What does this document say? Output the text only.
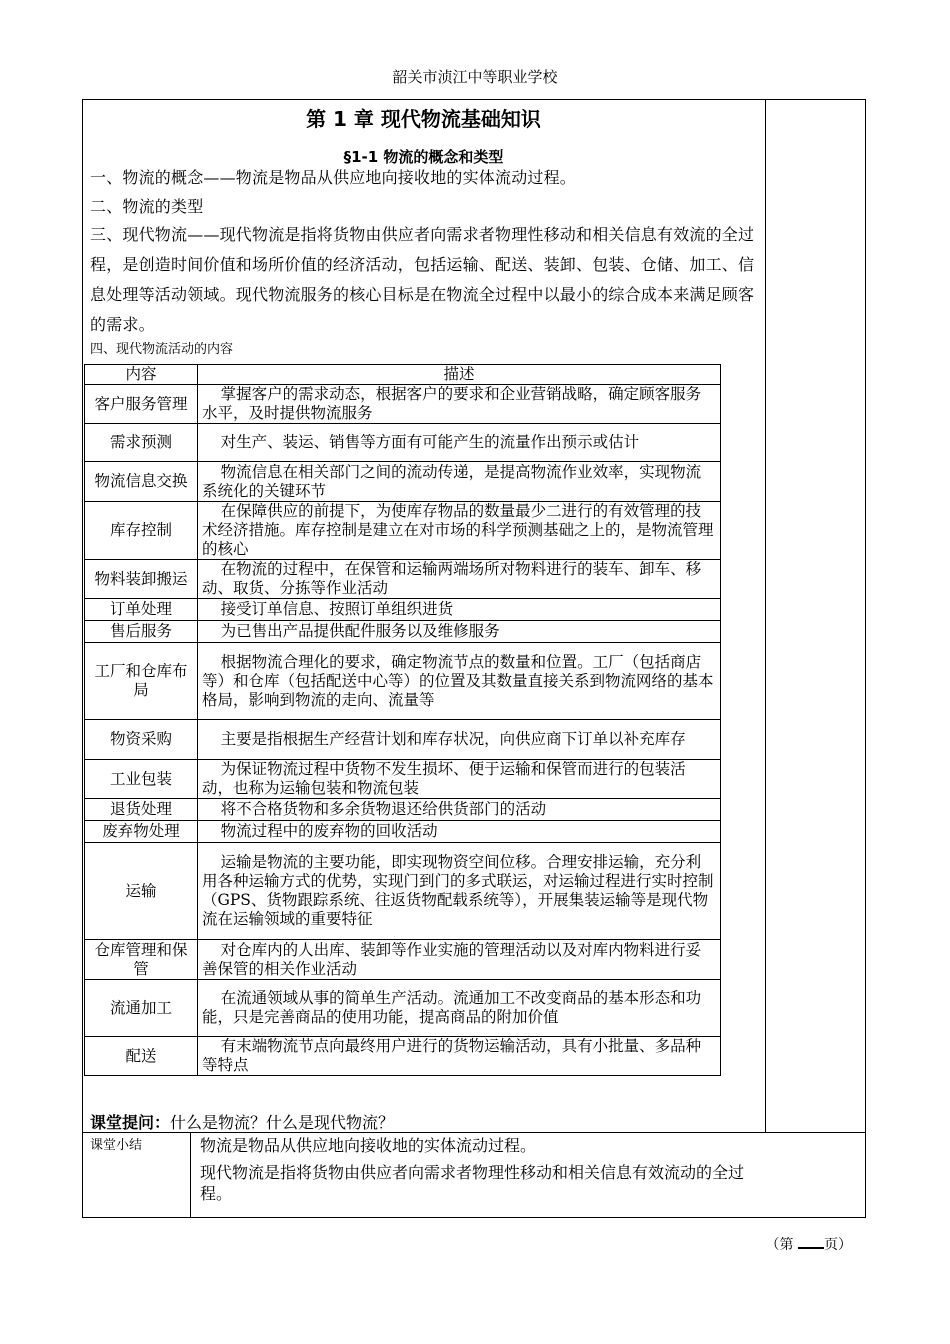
韶关市浈江中等职业学校
第 1 章 现代物流基础知识
§1-1 物流的概念和类型
一、物流的概念——物流是物品从供应地向接收地的实体流动过程。
二、物流的类型
三、现代物流——现代物流是指将货物由供应者向需求者物理性移动和相关信息有效流的全过程，是创造时间价值和场所价值的经济活动，包括运输、配送、装卸、包装、仓储、加工、信息处理等活动领域。现代物流服务的核心目标是在物流全过程中以最小的综合成本来满足顾客的需求。
四、现代物流活动的内容
内容	描述
客户服务管理	掌握客户的需求动态，根据客户的要求和企业营销战略，确定顾客服务水平，及时提供物流服务
需求预测	对生产、装运、销售等方面有可能产生的流量作出预示或估计
物流信息交换	物流信息在相关部门之间的流动传递，是提高物流作业效率，实现物流系统化的关键环节
库存控制	在保障供应的前提下，为使库存物品的数量最少二进行的有效管理的技术经济措施。库存控制是建立在对市场的科学预测基础之上的，是物流管理的核心
物料装卸搬运	在物流的过程中，在保管和运输两端场所对物料进行的装车、卸车、移动、取货、分拣等作业活动
订单处理	接受订单信息、按照订单组织进货
售后服务	为已售出产品提供配件服务以及维修服务
工厂和仓库布局	根据物流合理化的要求，确定物流节点的数量和位置。工厂（包括商店等）和仓库（包括配送中心等）的位置及其数量直接关系到物流网络的基本格局，影响到物流的走向、流量等
物资采购	主要是指根据生产经营计划和库存状况，向供应商下订单以补充库存
工业包装	为保证物流过程中货物不发生损坏、便于运输和保管而进行的包装活动，也称为运输包装和物流包装
退货处理	将不合格货物和多余货物退还给供货部门的活动
废弃物处理	物流过程中的废弃物的回收活动
运输	运输是物流的主要功能，即实现物资空间位移。合理安排运输，充分利用各种运输方式的优势，实现门到门的多式联运，对运输过程进行实时控制（GPS、货物跟踪系统、往返货物配载系统等），开展集装运输等是现代物流在运输领域的重要特征
仓库管理和保管	对仓库内的人出库、装卸等作业实施的管理活动以及对库内物料进行妥善保管的相关作业活动
流通加工	在流通领域从事的简单生产活动。流通加工不改变商品的基本形态和功能，只是完善商品的使用功能，提高商品的附加价值
配送	有末端物流节点向最终用户进行的货物运输活动，具有小批量、多品种等特点
课堂提问：什么是物流？什么是现代物流？
课堂小结	物流是物品从供应地向接收地的实体流动过程。
现代物流是指将货物由供应者向需求者物理性移动和相关信息有效流动的全过程。
（第 页）
